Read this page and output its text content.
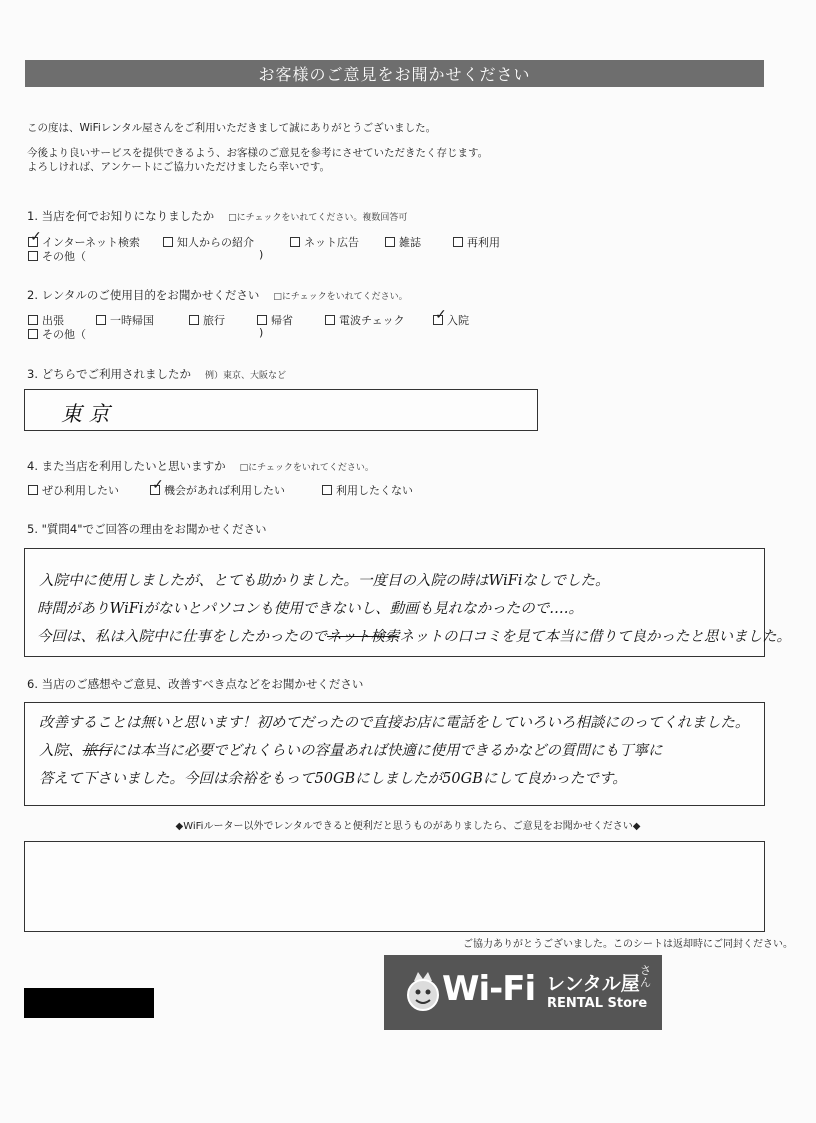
お客様のご意見をお聞かせください
この度は、WiFiレンタル屋さんをご利用いただきまして誠にありがとうございました。
今後より良いサービスを提供できるよう、お客様のご意見を参考にさせていただきたく存じます。
よろしければ、アンケートにご協力いただけましたら幸いです。
1. 当店を何でお知りになりましたか □にチェックをいれてください。複数回答可
✓ インターネット検索	知人からの紹介	ネット広告	雑誌	再利用
その他（	)
2. レンタルのご使用目的をお聞かせください □にチェックをいれてください。
出張	一時帰国	旅行	帰省	電波チェック ✓ 入院
その他（	)
3. どちらでご利用されましたか 例）東京、大阪など
東 京
4. また当店を利用したいと思いますか □にチェックをいれてください。
ぜひ利用したい ✓ 機会があれば利用したい	利用したくない
5. "質問4"でご回答の理由をお聞かせください
入院中に使用しましたが、とても助かりました。一度目の入院の時はWiFiなしでした。
時間がありWiFiがないとパソコンも使用できないし、動画も見れなかったので‥‥。
今回は、私は入院中に仕事をしたかったのでネット検索ネットの口コミを見て本当に借りて良かったと思いました。
6. 当店のご感想やご意見、改善すべき点などをお聞かせください
改善することは無いと思います！初めてだったので直接お店に電話をしていろいろ相談にのってくれました。
入院、旅行には本当に必要でどれくらいの容量あれば快適に使用できるかなどの質問にも丁寧に
答えて下さいました。今回は余裕をもって50GBにしましたが50GBにして良かったです。
◆WiFiルーター以外でレンタルできると便利だと思うものがありましたら、ご意見をお聞かせください◆
ご協力ありがとうございました。このシートは返却時にご同封ください。
Wi-Fi レンタル屋
さん
RENTAL Store
